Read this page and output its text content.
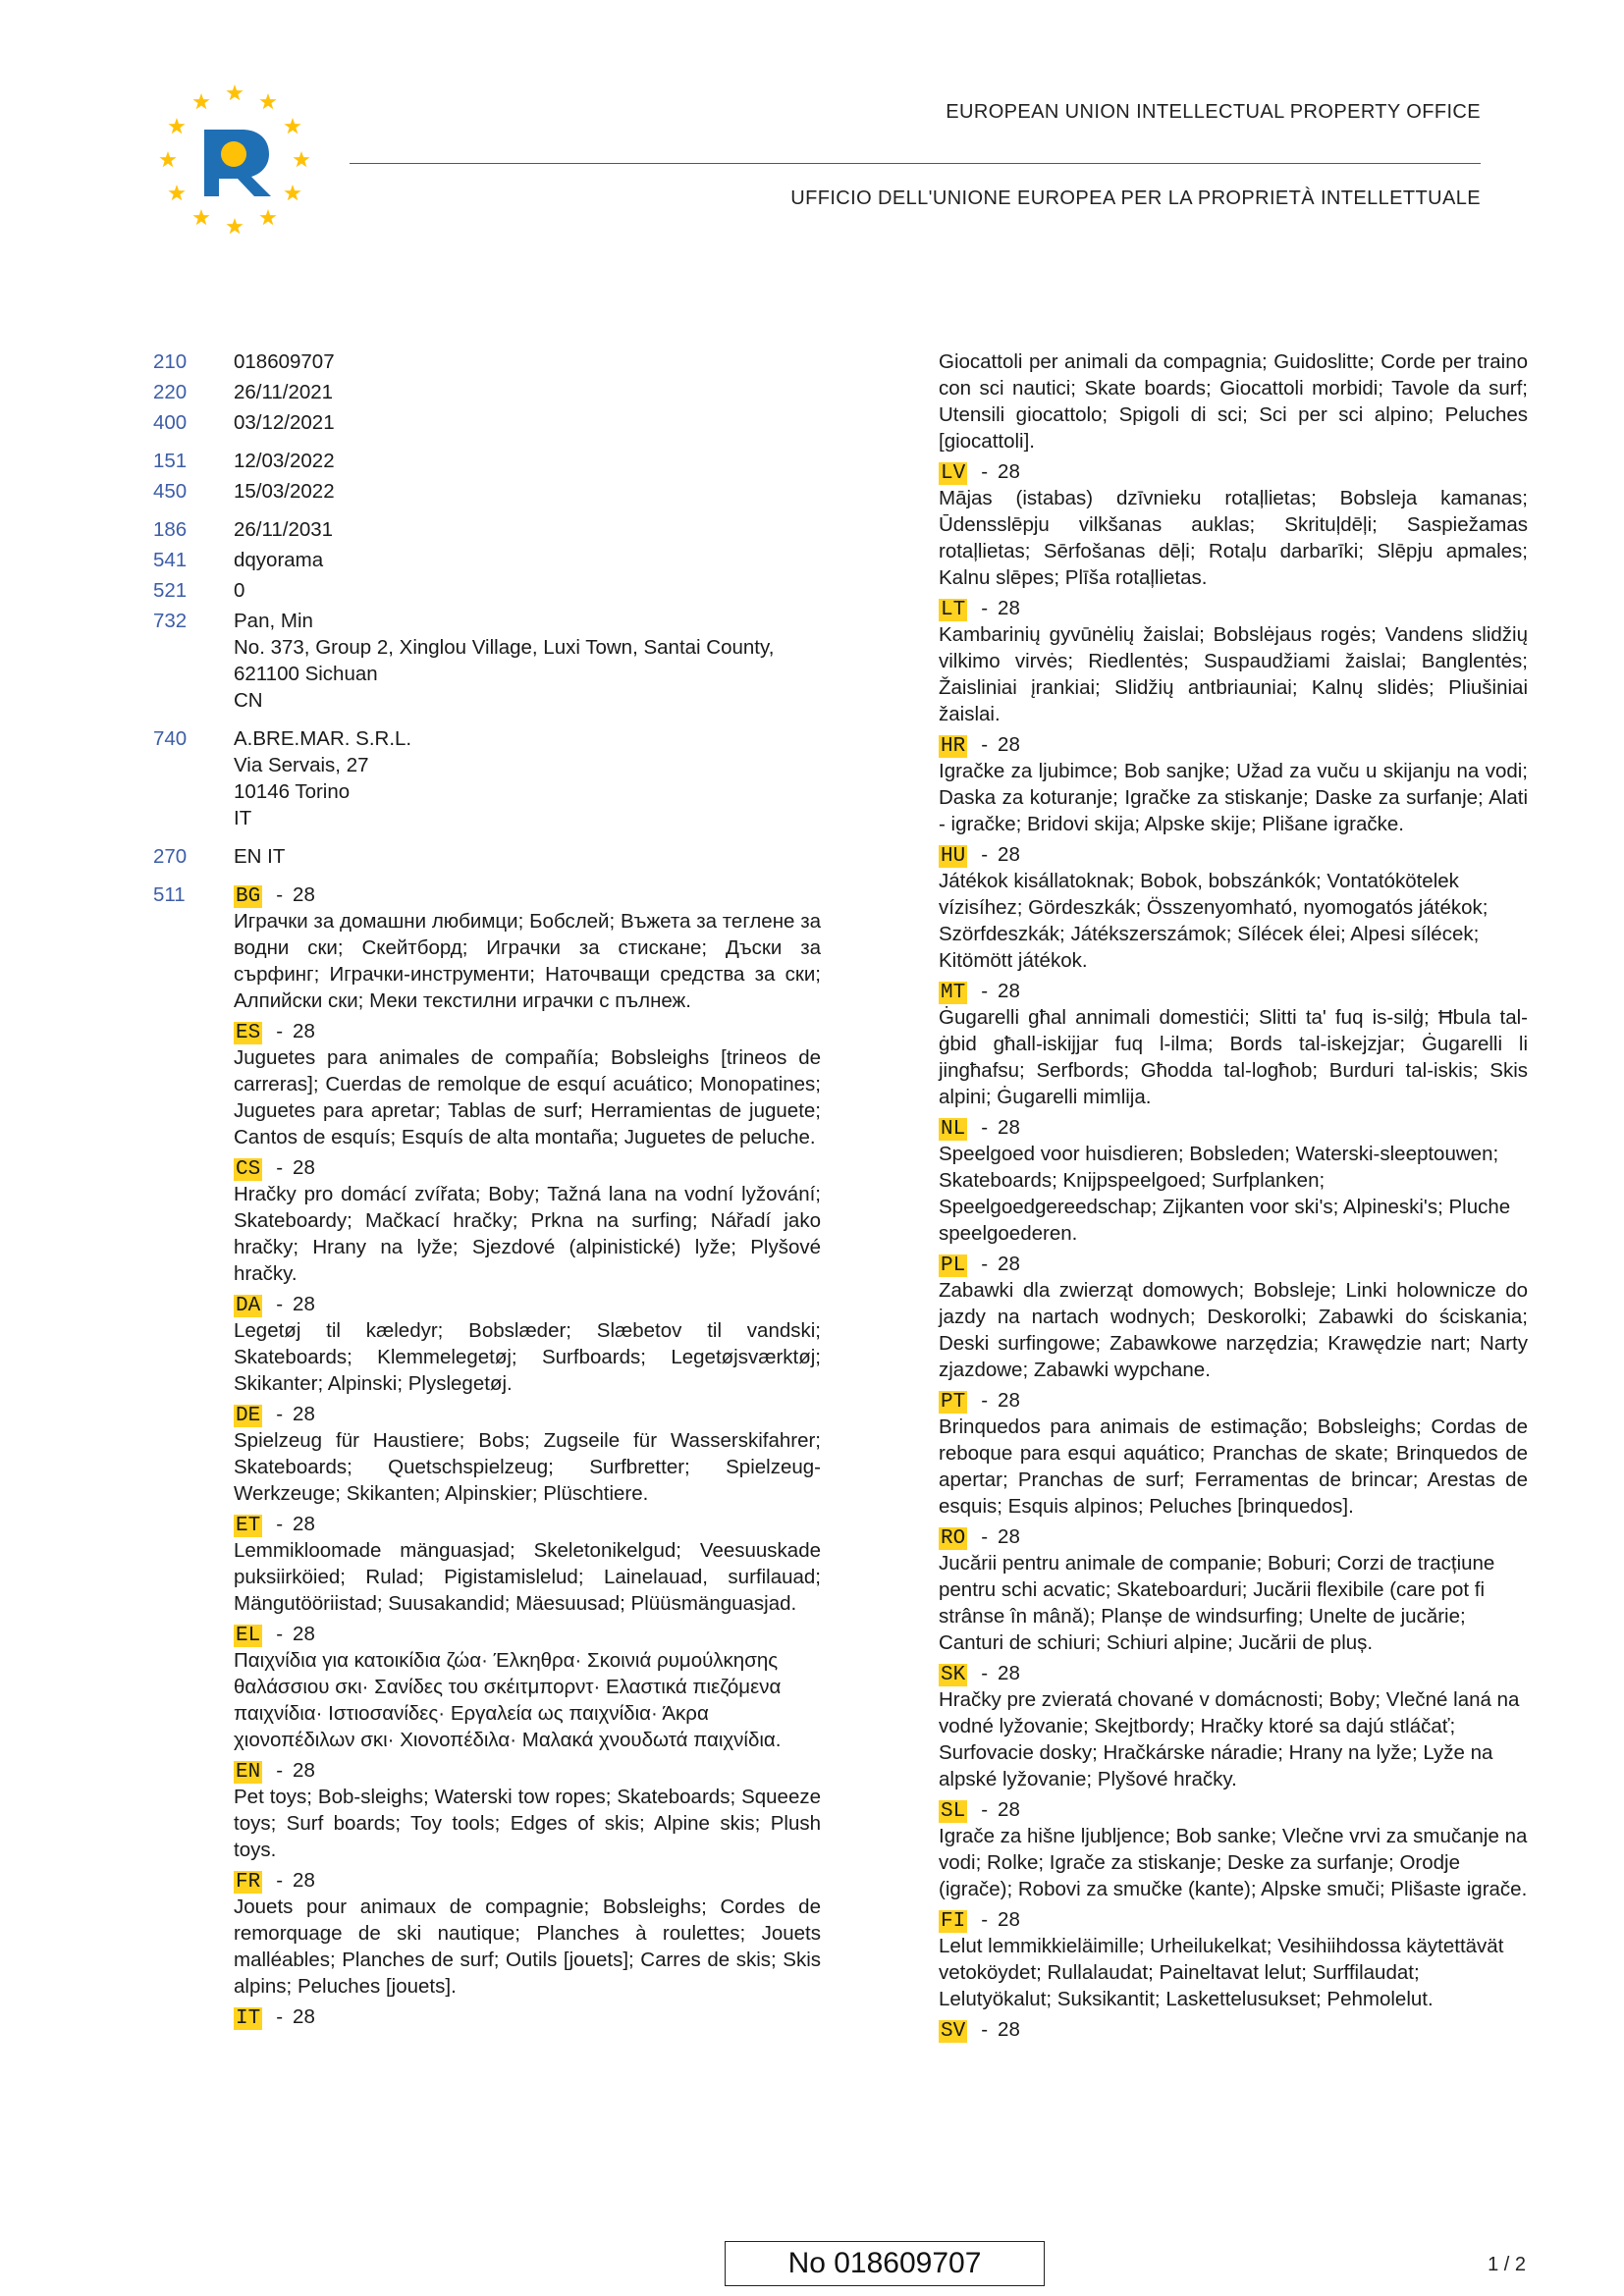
EUROPEAN UNION INTELLECTUAL PROPERTY OFFICE
UFFICIO DELL'UNIONE EUROPEA PER LA PROPRIETÀ INTELLETTUALE
210	018609707
220	26/11/2021
400	03/12/2021
151	12/03/2022
450	15/03/2022
186	26/11/2031
541	dqyorama
521	0
732	Pan, Min
No. 373, Group 2, Xinglou Village, Luxi Town, Santai County,
621100 Sichuan
CN
740	A.BRE.MAR. S.R.L.
Via Servais, 27
10146 Torino
IT
270	EN IT
511	BG - 28
Играчки за домашни любимци; Бобслей; Въжета за теглене за водни ски; Скейтборд; Играчки за стискане; Дъски за сърфинг; Играчки-инструменти; Наточващи средства за ски; Алпийски ски; Меки текстилни играчки с пълнеж.
ES - 28
Juguetes para animales de compañía; Bobsleighs [trineos de carreras]; Cuerdas de remolque de esquí acuático; Monopatines; Juguetes para apretar; Tablas de surf; Herramientas de juguete; Cantos de esquís; Esquís de alta montaña; Juguetes de peluche.
CS - 28
Hračky pro domácí zvířata; Boby; Tažná lana na vodní lyžování; Skateboardy; Mačkací hračky; Prkna na surfing; Nářadí jako hračky; Hrany na lyže; Sjezdové (alpinistické) lyže; Plyšové hračky.
DA - 28
Legetøj til kæledyr; Bobslæder; Slæbetov til vandski; Skateboards; Klemmelegetøj; Surfboards; Legetøjsværktøj; Skikanter; Alpinski; Plyslegetøj.
DE - 28
Spielzeug für Haustiere; Bobs; Zugseile für Wasserskifahrer; Skateboards; Quetschspielzeug; Surfbretter; Spielzeug-Werkzeuge; Skikanten; Alpinskier; Plüschtiere.
ET - 28
Lemmikloomade mänguasjad; Skeletonikelgud; Veesuuskade puksiirköied; Rulad; Pigistamislelud; Lainelauad, surfilauad; Mängutööriistad; Suusakandid; Mäesuusad; Plüüsmänguasjad.
EL - 28
Παιχνίδια για κατοικίδια ζώα· Έλκηθρα· Σκοινιά ρυμούλκησης θαλάσσιου σκι· Σανίδες του σκέιτμπορντ· Ελαστικά πιεζόμενα παιχνίδια· Ιστιοσανίδες· Εργαλεία ως παιχνίδια· Άκρα χιονοπέδιλων σκι· Χιονοπέδιλα· Μαλακά χνουδωτά παιχνίδια.
EN - 28
Pet toys; Bob-sleighs; Waterski tow ropes; Skateboards; Squeeze toys; Surf boards; Toy tools; Edges of skis; Alpine skis; Plush toys.
FR - 28
Jouets pour animaux de compagnie; Bobsleighs; Cordes de remorquage de ski nautique; Planches à roulettes; Jouets malléables; Planches de surf; Outils [jouets]; Carres de skis; Skis alpins; Peluches [jouets].
IT - 28
Giocattoli per animali da compagnia; Guidoslitte; Corde per traino con sci nautici; Skate boards; Giocattoli morbidi; Tavole da surf; Utensili giocattolo; Spigoli di sci; Sci per sci alpino; Peluches [giocattoli].
LV - 28
Mājas (istabas) dzīvnieku rotaļlietas; Bobsleja kamanas; Ūdensslēpju vilkšanas auklas; Skrituļdēļi; Saspiežamas rotaļlietas; Sērfošanas dēļi; Rotaļu darbarīki; Slēpju apmales; Kalnu slēpes; Plīša rotaļlietas.
LT - 28
Kambarinių gyvūnėlių žaislai; Bobslėjaus rogės; Vandens slidžių vilkimo virvės; Riedlentės; Suspaudžiami žaislai; Banglentės; Žaisliniai įrankiai; Slidžių antbriauniai; Kalnų slidės; Pliušiniai žaislai.
HR - 28
Igračke za ljubimce; Bob sanjke; Užad za vuču u skijanju na vodi; Daska za koturanje; Igračke za stiskanje; Daske za surfanje; Alati - igračke; Bridovi skija; Alpske skije; Plišane igračke.
HU - 28
Játékok kisállatoknak; Bobok, bobszánkók; Vontatókötelek vízisíhez; Gördeszkák; Összenyomható, nyomogatós játékok; Szörfdeszkák; Játékszerszámok; Sílécek élei; Alpesi sílécek; Kitömött játékok.
MT - 28
Ġugarelli għal annimali domestiċi; Slitti ta' fuq is-silġ; Ħbula tal-ġbid għall-iskijjar fuq l-ilma; Bords tal-iskejzjar; Ġugarelli li jingħafsu; Serfbords; Għodda tal-logħob; Burduri tal-iskis; Skis alpini; Ġugarelli mimlija.
NL - 28
Speelgoed voor huisdieren; Bobsleden; Waterski-sleeptouwen; Skateboards; Knijpspeelgoed; Surfplanken; Speelgoedgereedschap; Zijkanten voor ski's; Alpineski's; Pluche speelgoederen.
PL - 28
Zabawki dla zwierząt domowych; Bobsleje; Linki holownicze do jazdy na nartach wodnych; Deskorolki; Zabawki do ściskania; Deski surfingowe; Zabawkowe narzędzia; Krawędzie nart; Narty zjazdowe; Zabawki wypchane.
PT - 28
Brinquedos para animais de estimação; Bobsleighs; Cordas de reboque para esqui aquático; Pranchas de skate; Brinquedos de apertar; Pranchas de surf; Ferramentas de brincar; Arestas de esquis; Esquis alpinos; Peluches [brinquedos].
RO - 28
Jucării pentru animale de companie; Boburi; Corzi de tracțiune pentru schi acvatic; Skateboarduri; Jucării flexibile (care pot fi strânse în mână); Planșe de windsurfing; Unelte de jucărie; Canturi de schiuri; Schiuri alpine; Jucării de pluș.
SK - 28
Hračky pre zvieratá chované v domácnosti; Boby; Vlečné laná na vodné lyžovanie; Skejtbordy; Hračky ktoré sa dajú stláčať; Surfovacie dosky; Hračkárske náradie; Hrany na lyže; Lyže na alpské lyžovanie; Plyšové hračky.
SL - 28
Igrače za hišne ljubljence; Bob sanke; Vlečne vrvi za smučanje na vodi; Rolke; Igrače za stiskanje; Deske za surfanje; Orodje (igrače); Robovi za smučke (kante); Alpske smuči; Plišaste igrače.
FI - 28
Lelut lemmikkieläimille; Urheilukelkat; Vesihiihdossa käytettävät vetoköydet; Rullalaudat; Paineltavat lelut; Surffilaudat; Lelutyökalut; Suksikantit; Laskettelusukset; Pehmolelut.
SV - 28
No 018609707	1 / 2
